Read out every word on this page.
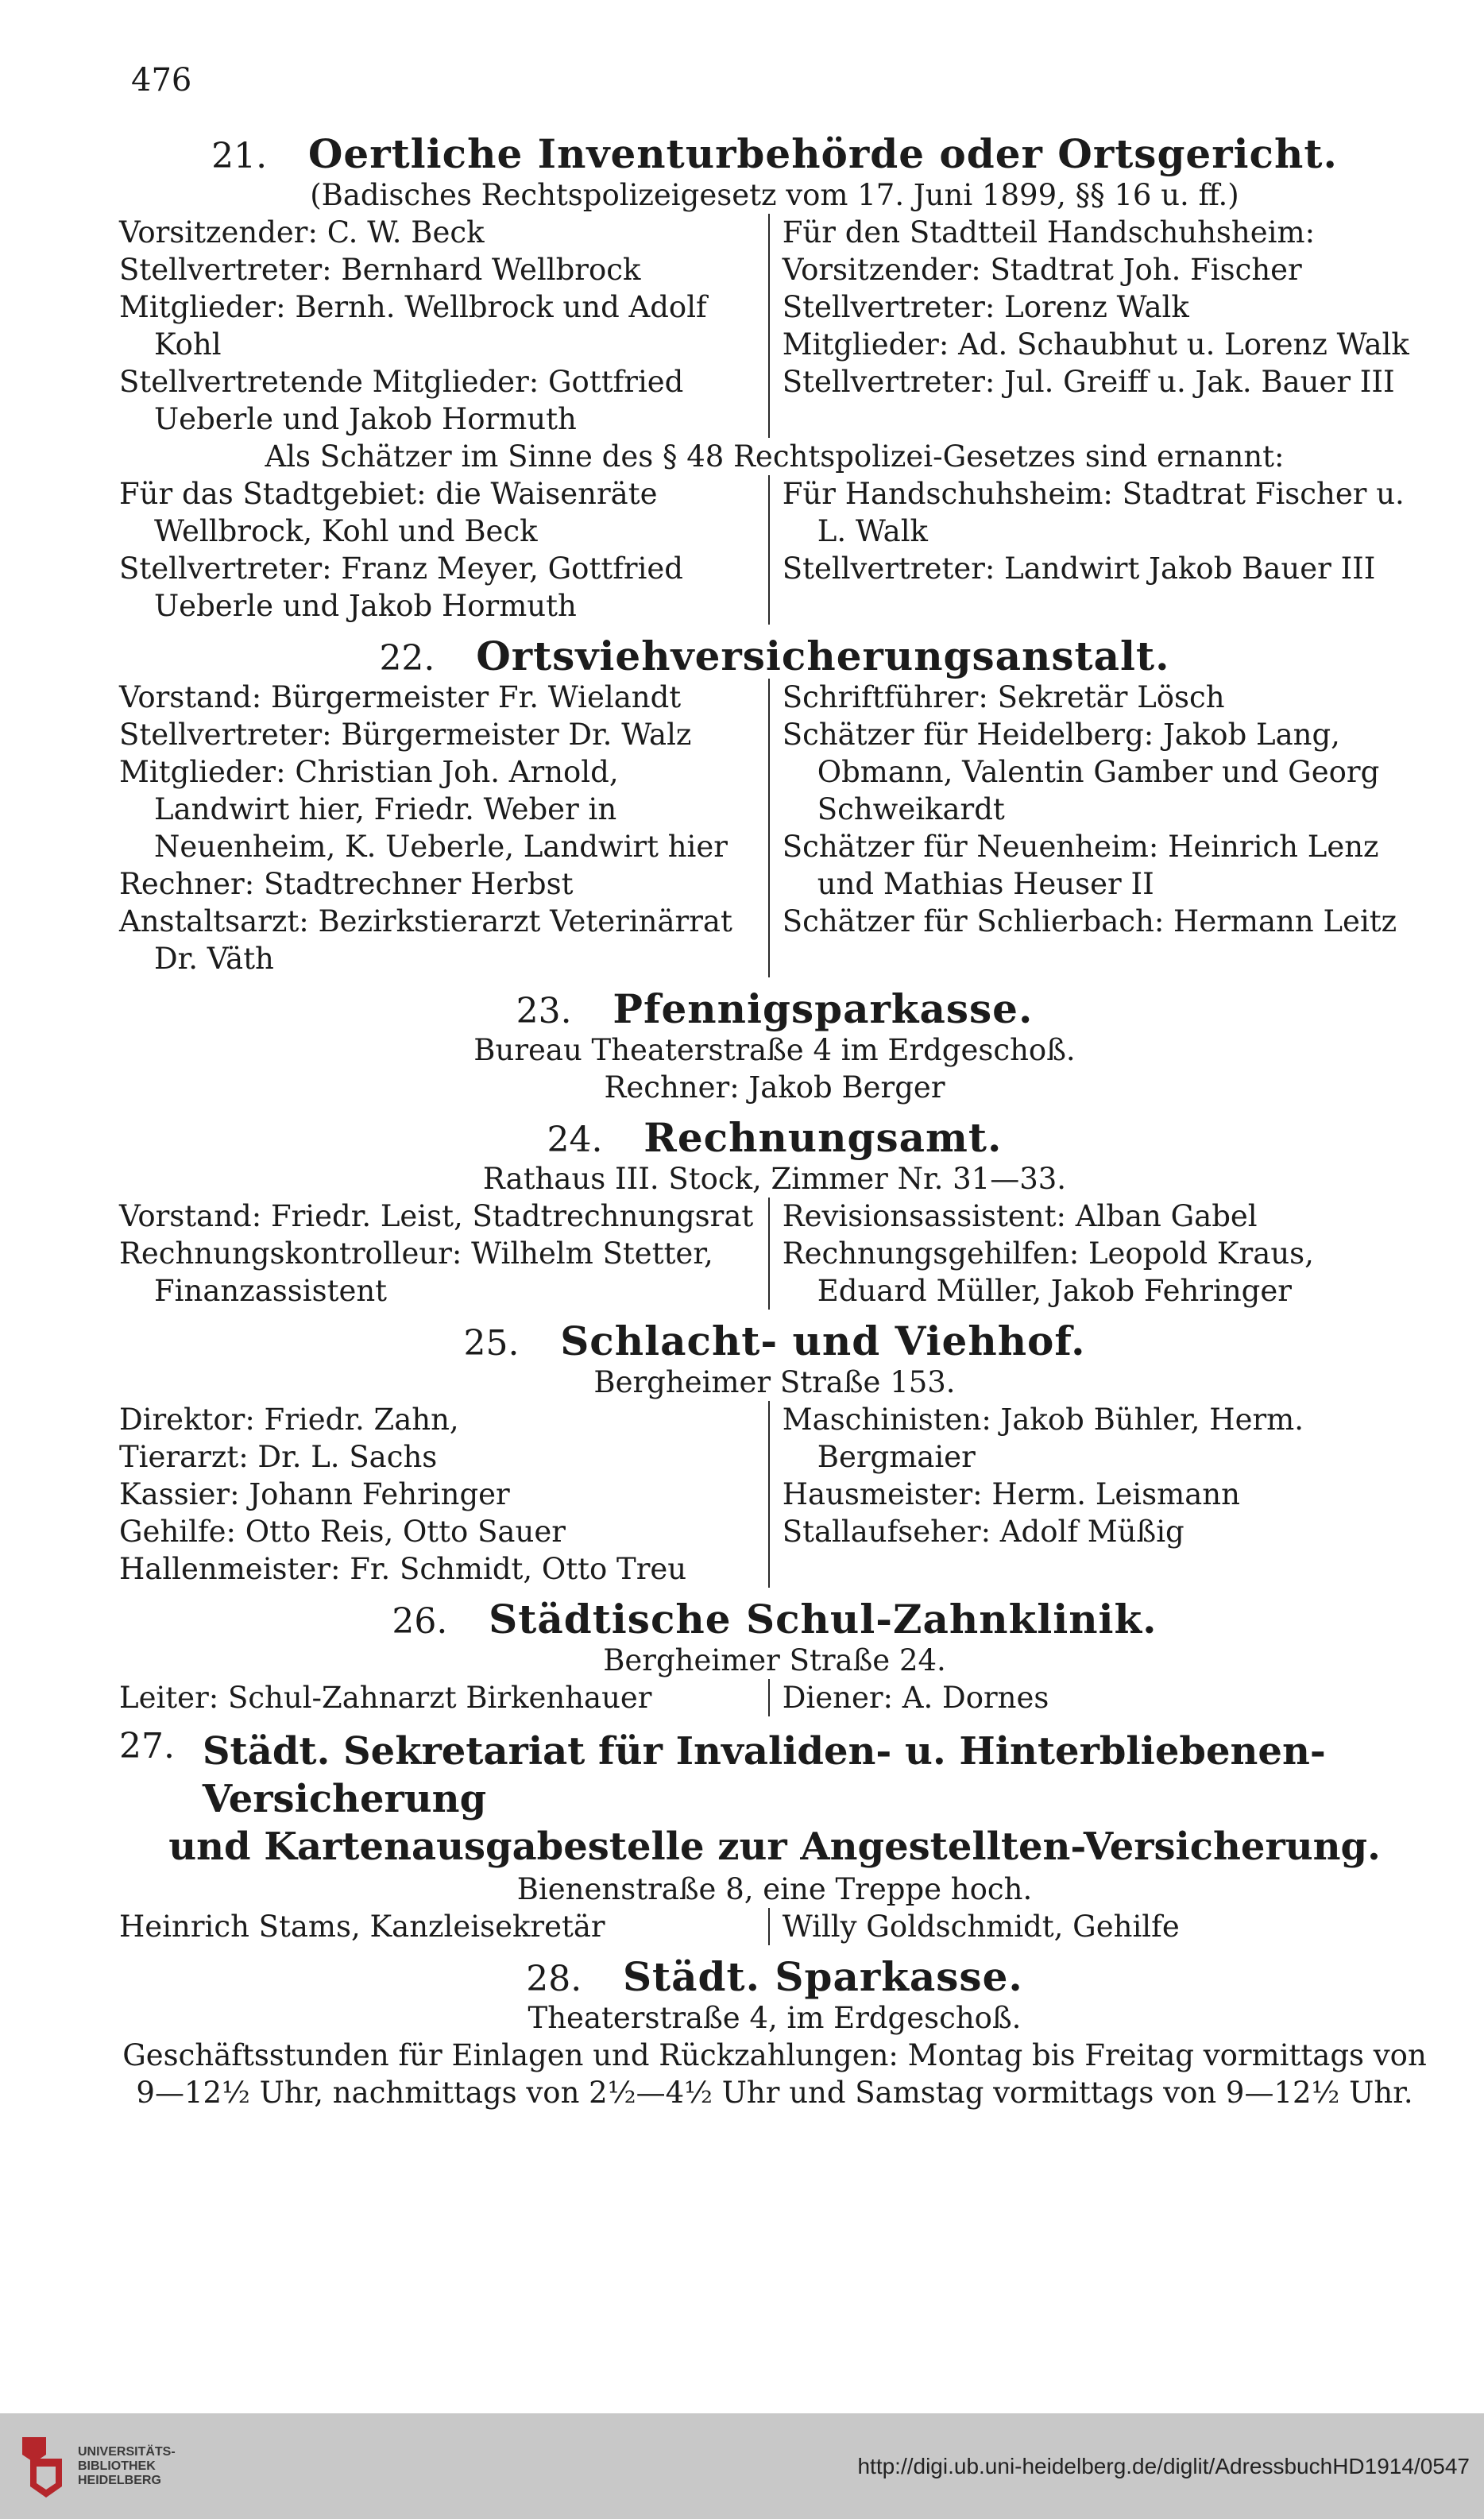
476
21. Oertliche Inventurbehörde oder Ortsgericht.
(Badisches Rechtspolizeigesetz vom 17. Juni 1899, §§ 16 u. ff.)
Vorsitzender: C. W. Beck
Stellvertreter: Bernhard Wellbrock
Mitglieder: Bernh. Wellbrock und Adolf Kohl
Stellvertretende Mitglieder: Gottfried Ueberle und Jakob Hormuth
Für den Stadtteil Handschuhsheim:
Vorsitzender: Stadtrat Joh. Fischer
Stellvertreter: Lorenz Walk
Mitglieder: Ad. Schaubhut u. Lorenz Walk
Stellvertreter: Jul. Greiff u. Jak. Bauer III
Als Schätzer im Sinne des § 48 Rechtspolizei-Gesetzes sind ernannt:
Für das Stadtgebiet: die Waisenräte Wellbrock, Kohl und Beck
Stellvertreter: Franz Meyer, Gottfried Ueberle und Jakob Hormuth
Für Handschuhsheim: Stadtrat Fischer u. L. Walk
Stellvertreter: Landwirt Jakob Bauer III
22. Ortsviehversicherungsanstalt.
Vorstand: Bürgermeister Fr. Wielandt
Stellvertreter: Bürgermeister Dr. Walz
Mitglieder: Christian Joh. Arnold, Landwirt hier, Friedr. Weber in Neuenheim, K. Ueberle, Landwirt hier
Rechner: Stadtrechner Herbst
Anstaltsarzt: Bezirkstierarzt Veterinärrat Dr. Väth
Schriftführer: Sekretär Lösch
Schätzer für Heidelberg: Jakob Lang, Obmann, Valentin Gamber und Georg Schweikardt
Schätzer für Neuenheim: Heinrich Lenz und Mathias Heuser II
Schätzer für Schlierbach: Hermann Leitz
23. Pfennigsparkasse.
Bureau Theaterstraße 4 im Erdgeschoß.
Rechner: Jakob Berger
24. Rechnungsamt.
Rathaus III. Stock, Zimmer Nr. 31—33.
Vorstand: Friedr. Leist, Stadtrechnungsrat
Rechnungskontrolleur: Wilhelm Stetter, Finanzassistent
Revisionsassistent: Alban Gabel
Rechnungsgehilfen: Leopold Kraus, Eduard Müller, Jakob Fehringer
25. Schlacht- und Viehhof.
Bergheimer Straße 153.
Direktor: Friedr. Zahn,
Tierarzt: Dr. L. Sachs
Kassier: Johann Fehringer
Gehilfe: Otto Reis, Otto Sauer
Hallenmeister: Fr. Schmidt, Otto Treu
Maschinisten: Jakob Bühler, Herm. Bergmaier
Hausmeister: Herm. Leismann
Stallaufseher: Adolf Müßig
26. Städtische Schul-Zahnklinik.
Bergheimer Straße 24.
Leiter: Schul-Zahnarzt Birkenhauer	Diener: A. Dornes
27. Städt. Sekretariat für Invaliden- u. Hinterbliebenen-Versicherung
und Kartenausgabestelle zur Angestellten-Versicherung.
Bienenstraße 8, eine Treppe hoch.
Heinrich Stams, Kanzleisekretär	Willy Goldschmidt, Gehilfe
28. Städt. Sparkasse.
Theaterstraße 4, im Erdgeschoß.
Geschäftsstunden für Einlagen und Rückzahlungen: Montag bis Freitag vormittags von 9—12½ Uhr, nachmittags von 2½—4½ Uhr und Samstag vormittags von 9—12½ Uhr.
UNIVERSITÄTS-
BIBLIOTHEK
HEIDELBERG
http://digi.ub.uni-heidelberg.de/diglit/AdressbuchHD1914/0547
